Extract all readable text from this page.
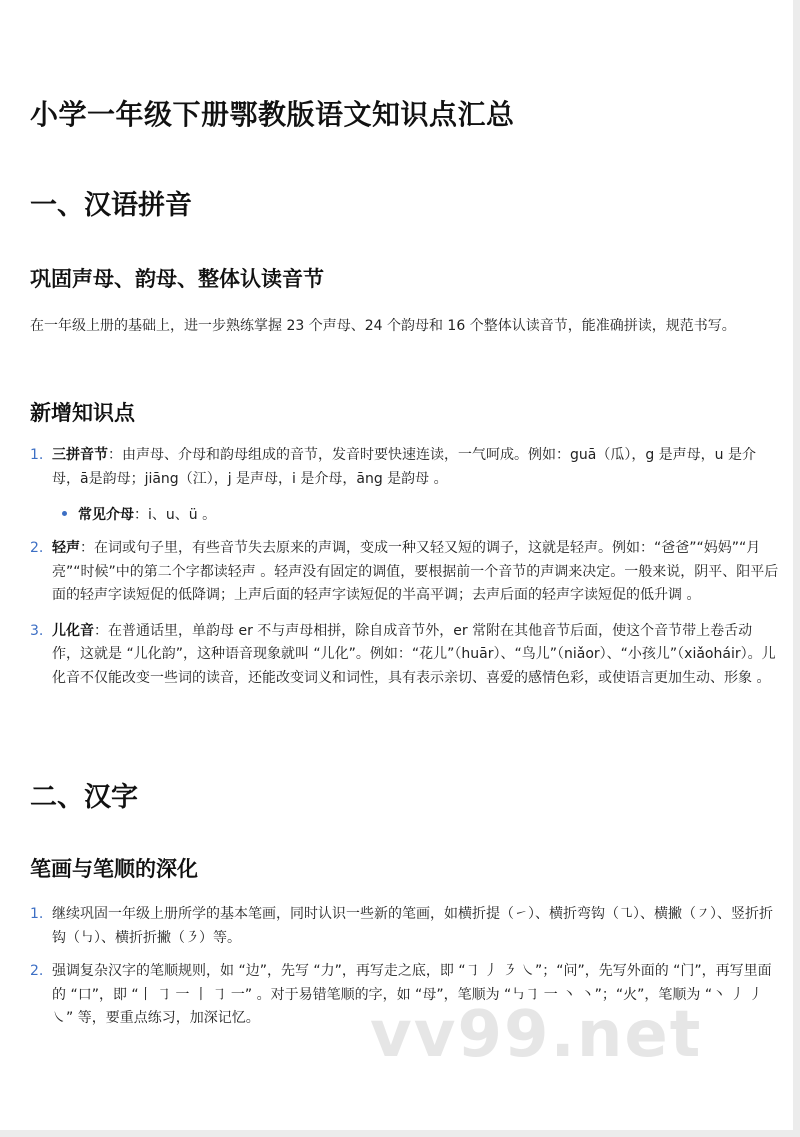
小学一年级下册鄂教版语文知识点汇总
一、汉语拼音
巩固声母、韵母、整体认读音节

在一年级上册的基础上，进一步熟练掌握 23 个声母、24 个韵母和 16 个整体认读音节，能准确拼读，规范书写。

新增知识点
1. 三拼音节：由声母、介母和韵母组成的音节，发音时要快速连读，一气呵成。例如：guā（瓜），g 是声母，u 是介母，ā是韵母；jiāng（江），j 是声母，i 是介母，āng 是韵母 。
常见介母：i、u、ü 。
2. 轻声：在词或句子里，有些音节失去原来的声调，变成一种又轻又短的调子，这就是轻声。例如：“爸爸”“妈妈”“月亮”“时候”中的第二个字都读轻声 。轻声没有固定的调值，要根据前一个音节的声调来决定。一般来说，阴平、阳平后面的轻声字读短促的低降调；上声后面的轻声字读短促的半高平调；去声后面的轻声字读短促的低升调 。
3. 儿化音：在普通话里，单韵母 er 不与声母相拼，除自成音节外，er 常附在其他音节后面，使这个音节带上卷舌动作，这就是 “儿化韵”，这种语音现象就叫 “儿化”。例如：“花儿”（huār）、“鸟儿”（niǎor）、“小孩儿”（xiǎoháir）。儿化音不仅能改变一些词的读音，还能改变词义和词性，具有表示亲切、喜爱的感情色彩，或使语言更加生动、形象 。
二、汉字
笔画与笔顺的深化
1. 继续巩固一年级上册所学的基本笔画，同时认识一些新的笔画，如横折提（㇀）、横折弯钩（㇈）、横撇（㇇）、竖折折钩（㇉）、横折折撇（㇋）等。
2. 强调复杂汉字的笔顺规则，如 “边”，先写 “力”，再写走之底，即 “㇆ 丿 ㇋ ㇏”；“问”，先写外面的 “门”，再写里面的 “口”，即 “丨 ㇆ 一 丨 ㇆ 一” 。对于易错笔顺的字，如 “母”，笔顺为 “㇉㇆ 一 丶 丶”；“火”，笔顺为 “丶 丿 丿 ㇏” 等，要重点练习，加深记忆。	vv99.net
